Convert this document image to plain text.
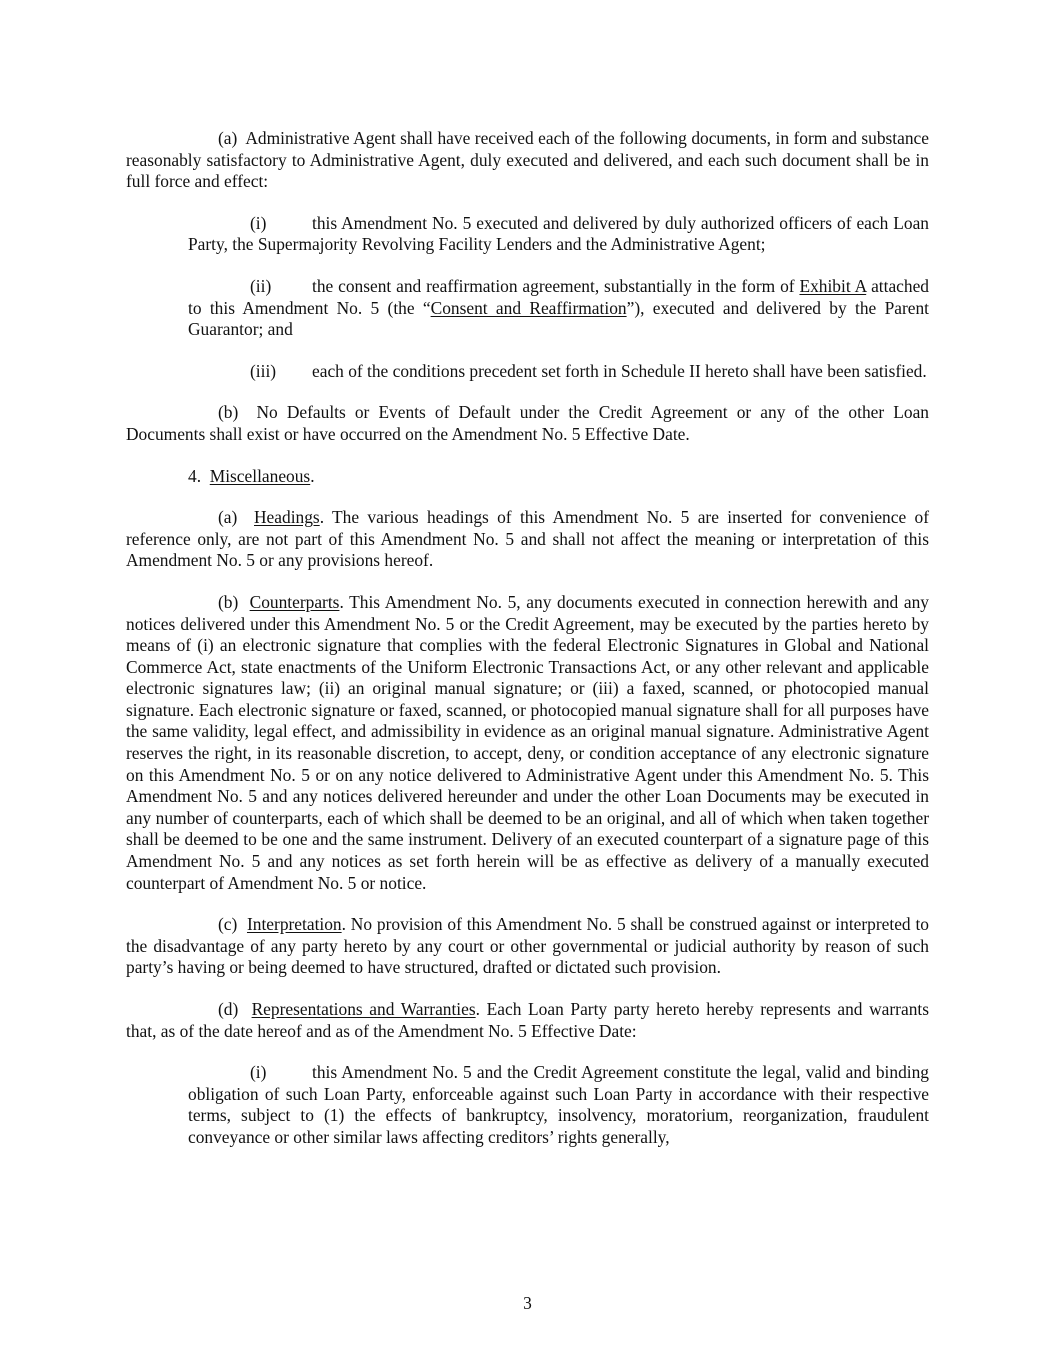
(a) Administrative Agent shall have received each of the following documents, in form and substance reasonably satisfactory to Administrative Agent, duly executed and delivered, and each such document shall be in full force and effect:

(i)	this Amendment No. 5 executed and delivered by duly authorized officers of each Loan Party, the Supermajority Revolving Facility Lenders and the Administrative Agent;

(ii) the consent and reaffirmation agreement, substantially in the form of Exhibit A attached to this Amendment No. 5 (the “Consent and Reaffirmation”), executed and delivered by the Parent Guarantor; and

(iii) each of the conditions precedent set forth in Schedule II hereto shall have been satisfied.

(b) No Defaults or Events of Default under the Credit Agreement or any of the other Loan Documents shall exist or have occurred on the Amendment No. 5 Effective Date.

4. Miscellaneous.

(a) Headings. The various headings of this Amendment No. 5 are inserted for convenience of reference only, are not part of this Amendment No. 5 and shall not affect the meaning or interpretation of this Amendment No. 5 or any provisions hereof.

(b) Counterparts. This Amendment No. 5, any documents executed in connection herewith and any notices delivered under this Amendment No. 5 or the Credit Agreement, may be executed by the parties hereto by means of (i) an electronic signature that complies with the federal Electronic Signatures in Global and National Commerce Act, state enactments of the Uniform Electronic Transactions Act, or any other relevant and applicable electronic signatures law; (ii) an original manual signature; or (iii) a faxed, scanned, or photocopied manual signature. Each electronic signature or faxed, scanned, or photocopied manual signature shall for all purposes have the same validity, legal effect, and admissibility in evidence as an original manual signature. Administrative Agent reserves the right, in its reasonable discretion, to accept, deny, or condition acceptance of any electronic signature on this Amendment No. 5 or on any notice delivered to Administrative Agent under this Amendment No. 5. This Amendment No. 5 and any notices delivered hereunder and under the other Loan Documents may be executed in any number of counterparts, each of which shall be deemed to be an original, and all of which when taken together shall be deemed to be one and the same instrument. Delivery of an executed counterpart of a signature page of this Amendment No. 5 and any notices as set forth herein will be as effective as delivery of a manually executed counterpart of Amendment No. 5 or notice.

(c) Interpretation. No provision of this Amendment No. 5 shall be construed against or interpreted to the disadvantage of any party hereto by any court or other governmental or judicial authority by reason of such party’s having or being deemed to have structured, drafted or dictated such provision.

(d) Representations and Warranties. Each Loan Party party hereto hereby represents and warrants that, as of the date hereof and as of the Amendment No. 5 Effective Date:

(i)	this Amendment No. 5 and the Credit Agreement constitute the legal, valid and binding obligation of such Loan Party, enforceable against such Loan Party in accordance with their respective terms, subject to (1) the effects of bankruptcy, insolvency, moratorium, reorganization, fraudulent conveyance or other similar laws affecting creditors’ rights generally,

3
